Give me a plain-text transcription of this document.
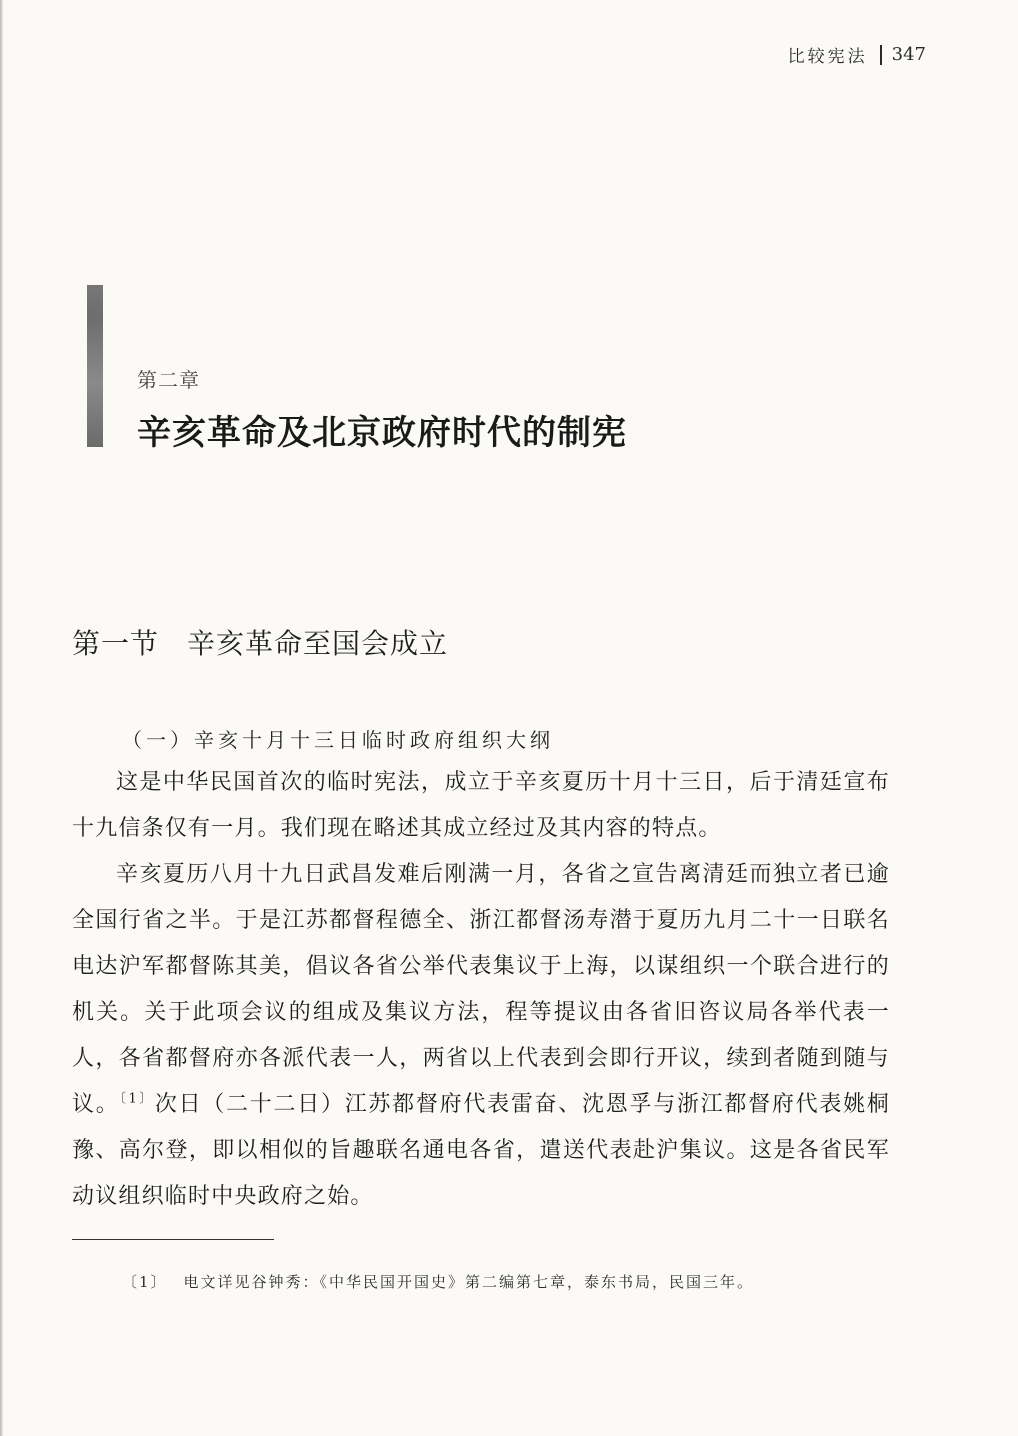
比较宪法 347
第二章
辛亥革命及北京政府时代的制宪
第一节 辛亥革命至国会成立
（一）辛亥十月十三日临时政府组织大纲

这是中华民国首次的临时宪法，成立于辛亥夏历十月十三日，后于清廷宣布十九信条仅有一月。我们现在略述其成立经过及其内容的特点。

辛亥夏历八月十九日武昌发难后刚满一月，各省之宣告离清廷而独立者已逾全国行省之半。于是江苏都督程德全、浙江都督汤寿潜于夏历九月二十一日联名电达沪军都督陈其美，倡议各省公举代表集议于上海，以谋组织一个联合进行的机关。关于此项会议的组成及集议方法，程等提议由各省旧咨议局各举代表一人，各省都督府亦各派代表一人，两省以上代表到会即行开议，续到者随到随与议。$^{〔1〕}$次日（二十二日）江苏都督府代表雷奋、沈恩孚与浙江都督府代表姚桐豫、高尔登，即以相似的旨趣联名通电各省，遣送代表赴沪集议。这是各省民军动议组织临时中央政府之始。

〔1〕 电文详见谷钟秀：《中华民国开国史》第二编第七章，泰东书局，民国三年。
